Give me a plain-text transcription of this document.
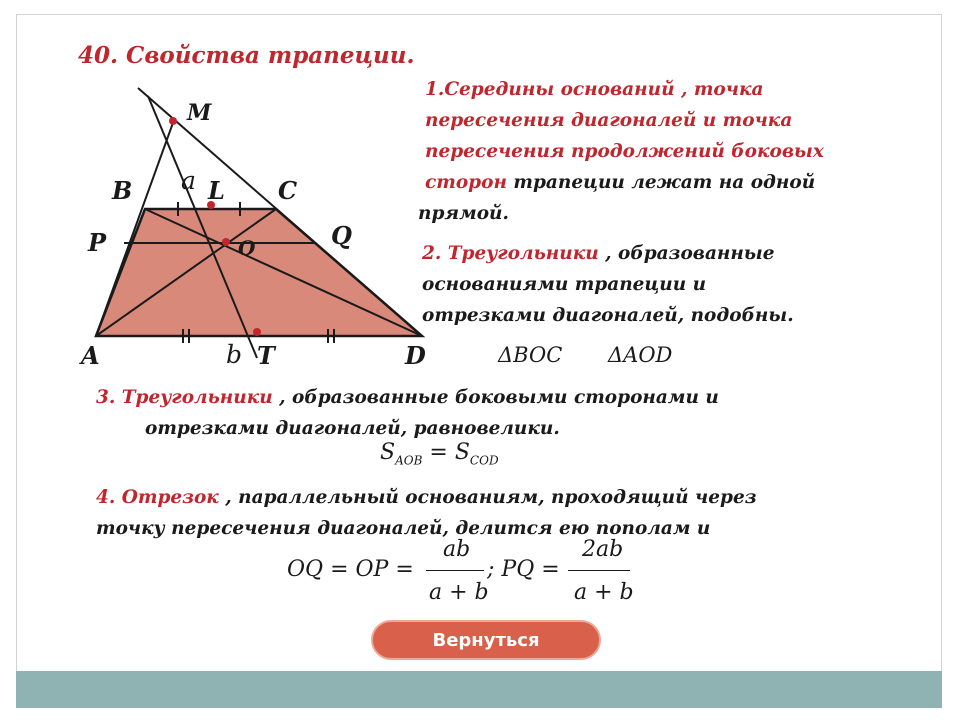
40. Свойства трапеции.
M
B	L C
P	O	Q
A	T	D
a
b
1.Середины оснований , точка
пересечения диагоналей и точка
пересечения продолжений боковых
сторон трапеции лежат на одной
прямой.
2. Треугольники , образованные
основаниями трапеции и
отрезками диагоналей, подобны.
ΔBOC ΔAOD
3. Треугольники , образованные боковыми сторонами и
отрезками диагоналей, равновелики.
$S_{AOB} = S_{COD}$
4. Отрезок , параллельный основаниям, проходящий через
точку пересечения диагоналей, делится ею пополам и
OQ = OP =
ab
a + b
; PQ =
2ab
a + b
Вернуться
